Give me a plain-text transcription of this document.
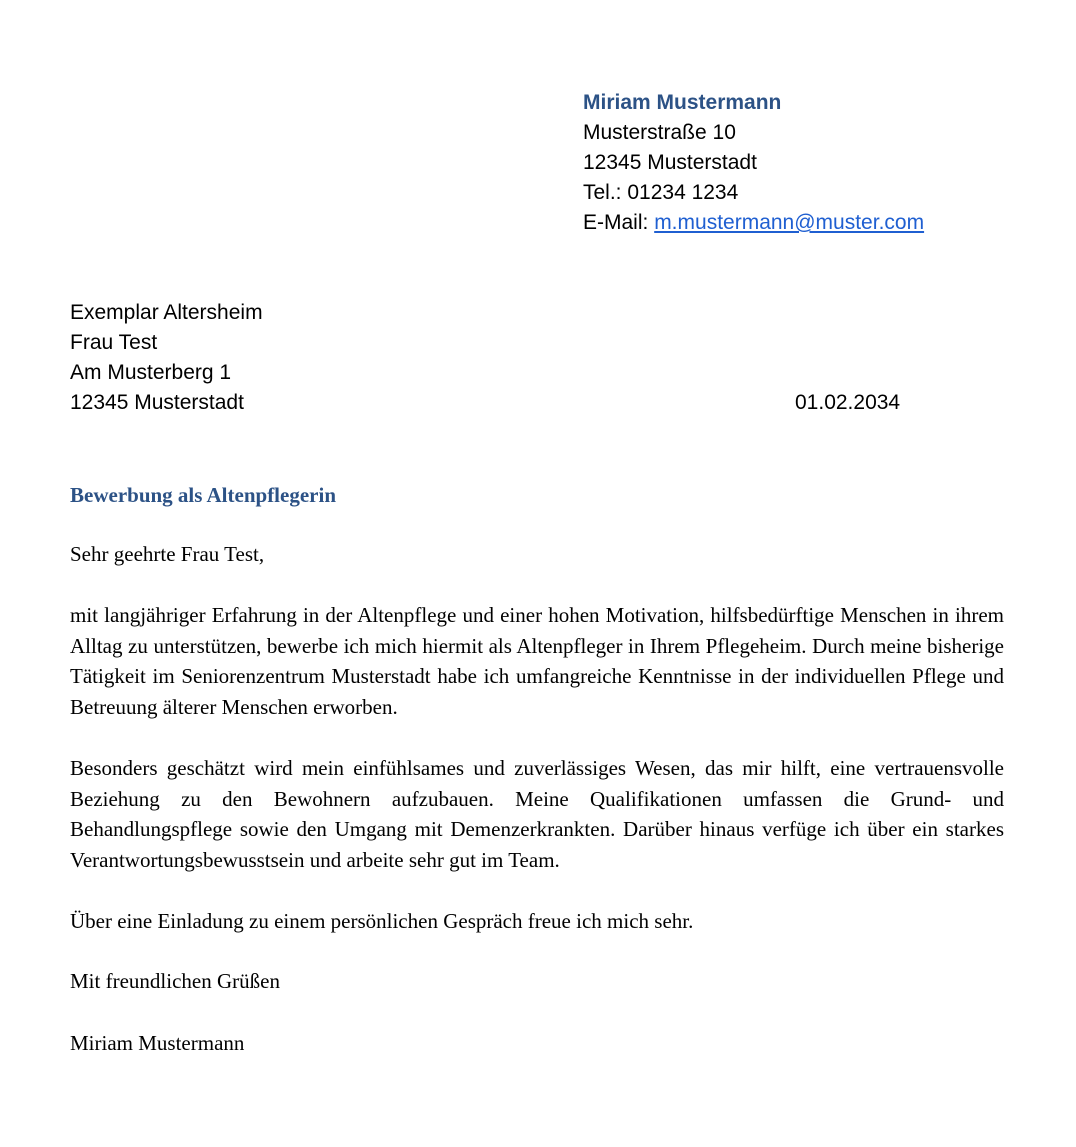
Miriam Mustermann
Musterstraße 10
12345 Musterstadt
Tel.: 01234 1234
E-Mail: m.mustermann@muster.com
Exemplar Altersheim
Frau Test
Am Musterberg 1
12345 Musterstadt	01.02.2034
Bewerbung als Altenpflegerin
Sehr geehrte Frau Test,
mit langjähriger Erfahrung in der Altenpflege und einer hohen Motivation, hilfsbedürftige Menschen in ihrem Alltag zu unterstützen, bewerbe ich mich hiermit als Altenpfleger in Ihrem Pflegeheim. Durch meine bisherige Tätigkeit im Seniorenzentrum Musterstadt habe ich umfangreiche Kenntnisse in der individuellen Pflege und Betreuung älterer Menschen erworben.
Besonders geschätzt wird mein einfühlsames und zuverlässiges Wesen, das mir hilft, eine vertrauensvolle Beziehung zu den Bewohnern aufzubauen. Meine Qualifikationen umfassen die Grund- und Behandlungspflege sowie den Umgang mit Demenzerkrankten. Darüber hinaus verfüge ich über ein starkes Verantwortungsbewusstsein und arbeite sehr gut im Team.
Über eine Einladung zu einem persönlichen Gespräch freue ich mich sehr.
Mit freundlichen Grüßen
Miriam Mustermann
